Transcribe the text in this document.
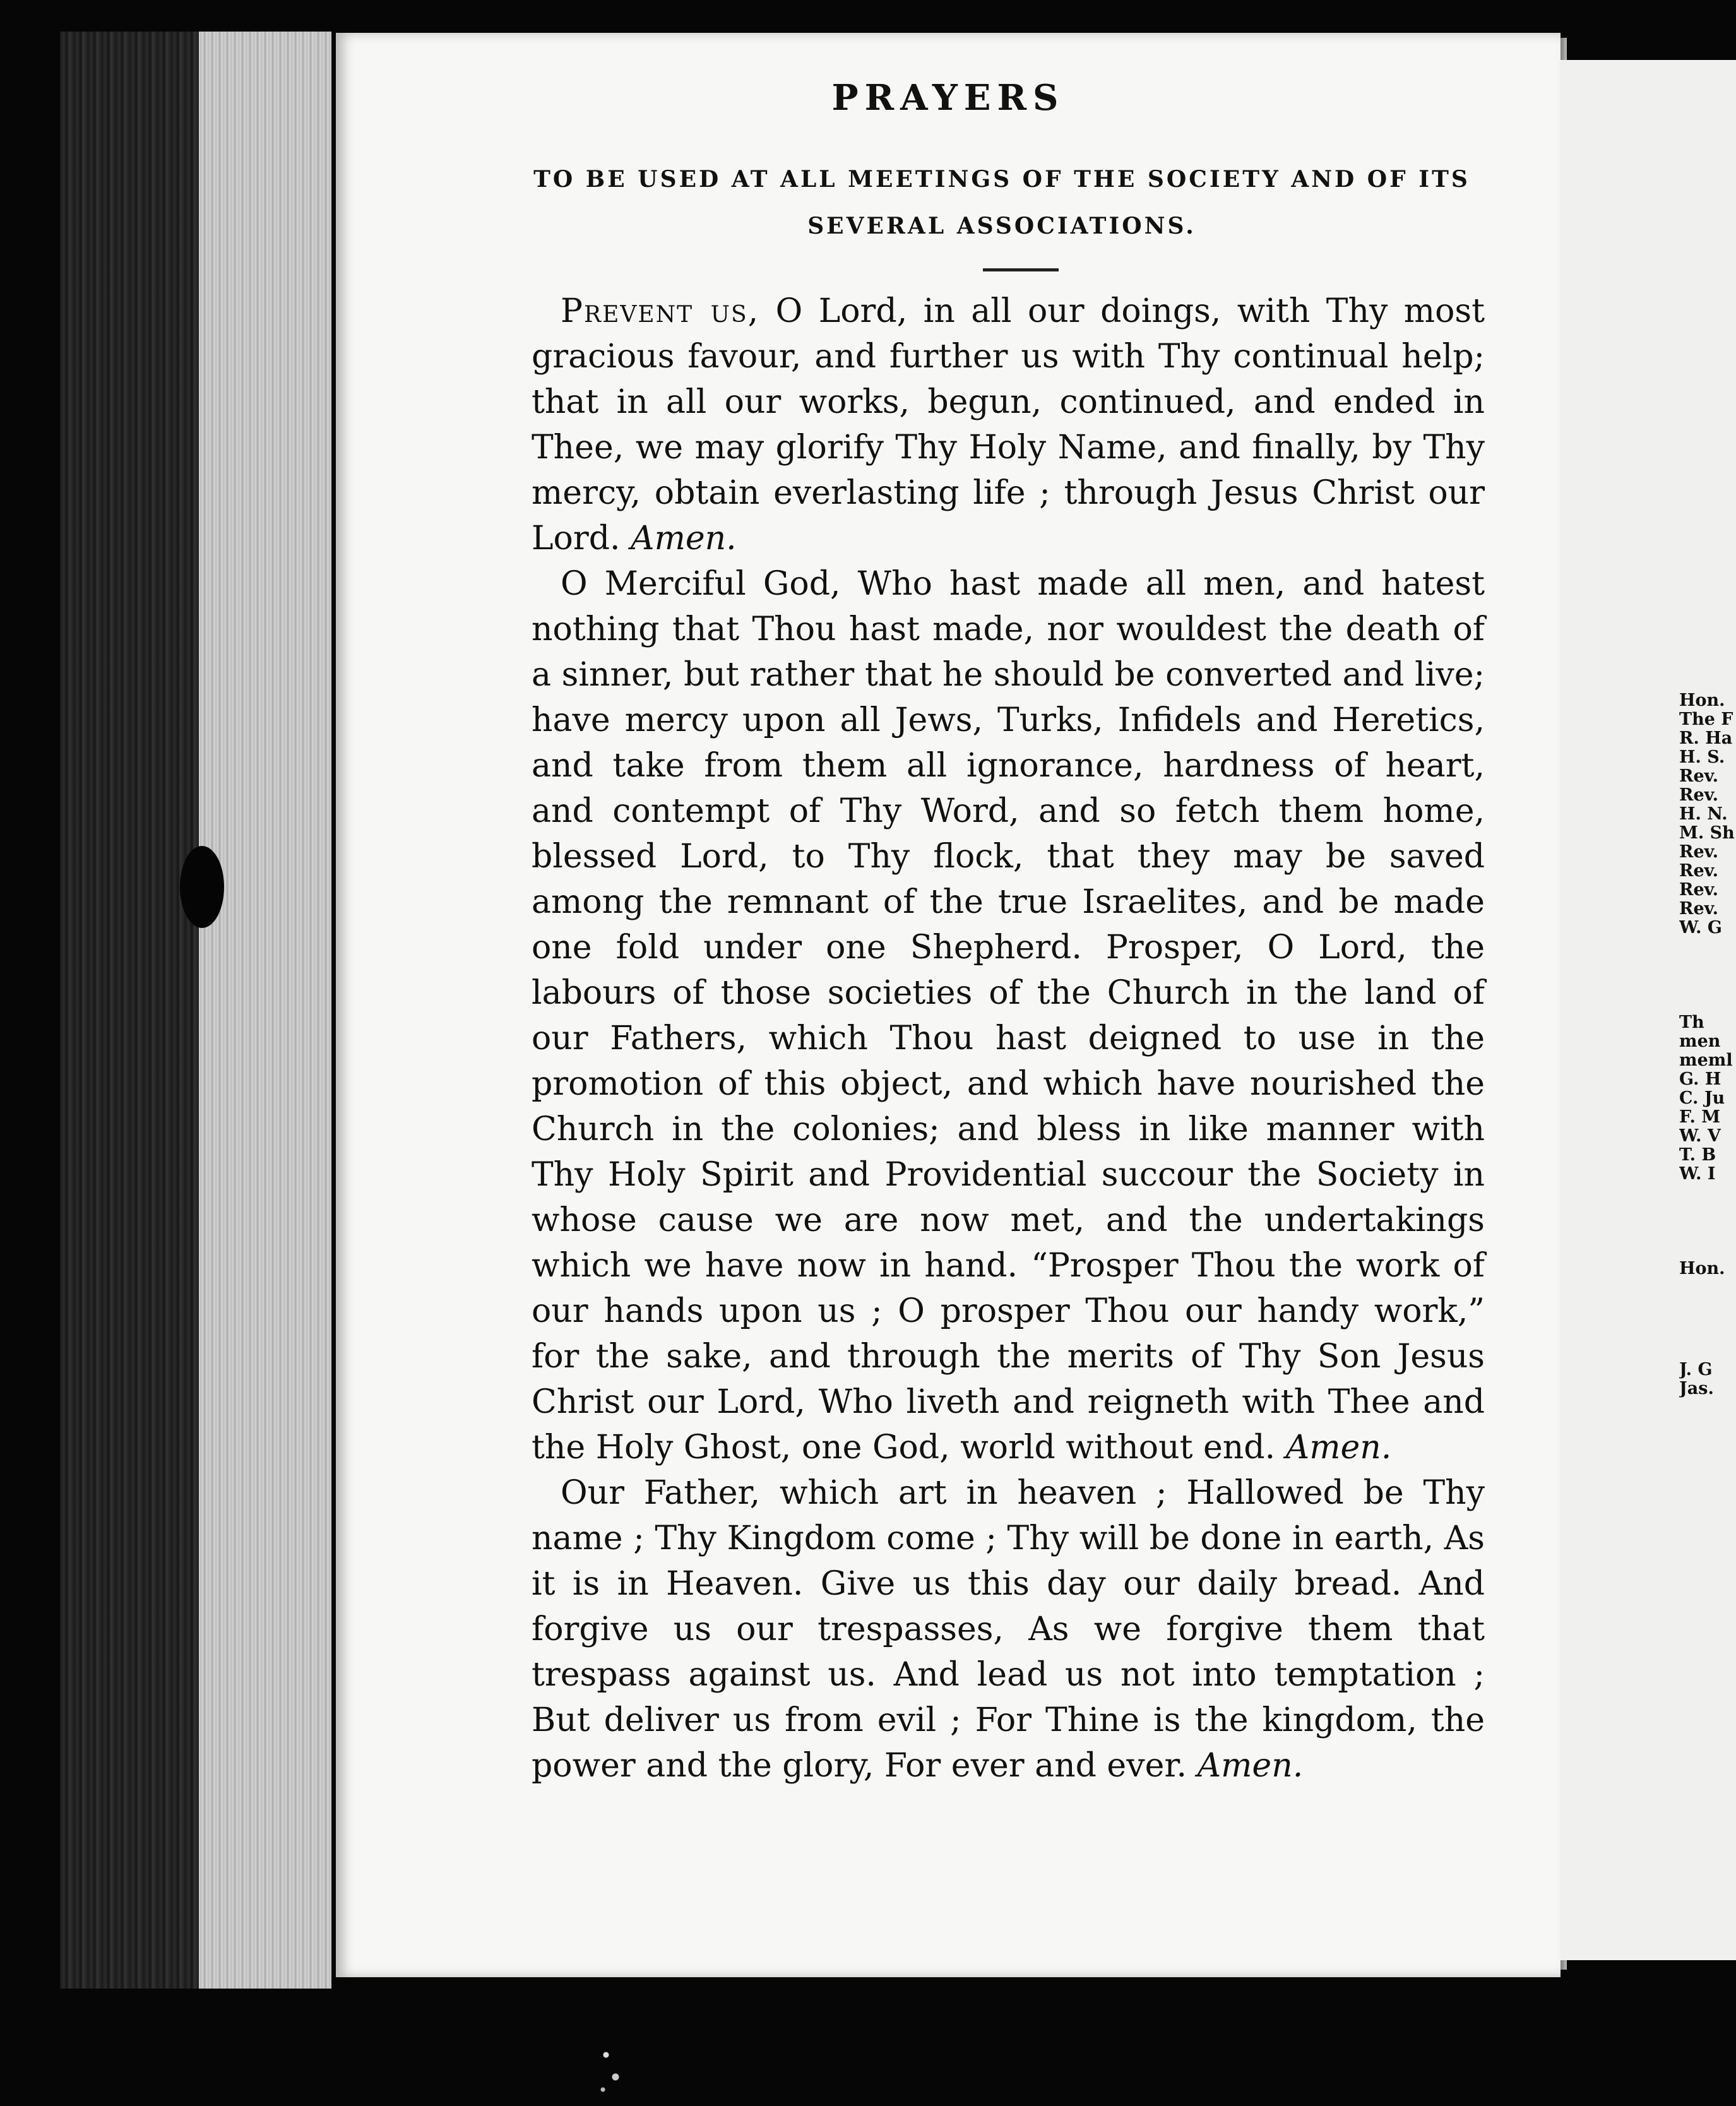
Hon.
The F
R. Ha
H. S.
Rev.
Rev.
H. N.
M. Sh
Rev.
Rev.
Rev.
Rev.
W. G
Th
men
meml
G. H
C. Ju
F. M
W. V
T. B
W. I
Hon.
J. G
Jas.
PRAYERS
TO BE USED AT ALL MEETINGS OF THE SOCIETY AND OF ITS
SEVERAL ASSOCIATIONS.

Prevent us, O Lord, in all our doings, with Thy most gracious favour, and further us with Thy continual help; that in all our works, begun, continued, and ended in Thee, we may glorify Thy Holy Name, and finally, by Thy mercy, obtain everlasting life ; through Jesus Christ our Lord. Amen.

O Merciful God, Who hast made all men, and hatest nothing that Thou hast made, nor wouldest the death of a sinner, but rather that he should be converted and live; have mercy upon all Jews, Turks, Infidels and Heretics, and take from them all ignorance, hardness of heart, and contempt of Thy Word, and so fetch them home, blessed Lord, to Thy flock, that they may be saved among the remnant of the true Israelites, and be made one fold under one Shepherd. Prosper, O Lord, the labours of those societies of the Church in the land of our Fathers, which Thou hast deigned to use in the promotion of this object, and which have nourished the Church in the colonies; and bless in like manner with Thy Holy Spirit and Providential succour the Society in whose cause we are now met, and the undertakings which we have now in hand. “Prosper Thou the work of our hands upon us ; O prosper Thou our handy work,” for the sake, and through the merits of Thy Son Jesus Christ our Lord, Who liveth and reigneth with Thee and the Holy Ghost, one God, world without end. Amen.

Our Father, which art in heaven ; Hallowed be Thy name ; Thy Kingdom come ; Thy will be done in earth, As it is in Heaven. Give us this day our daily bread. And forgive us our trespasses, As we forgive them that trespass against us. And lead us not into temptation ; But deliver us from evil ; For Thine is the kingdom, the power and the glory, For ever and ever. Amen.
